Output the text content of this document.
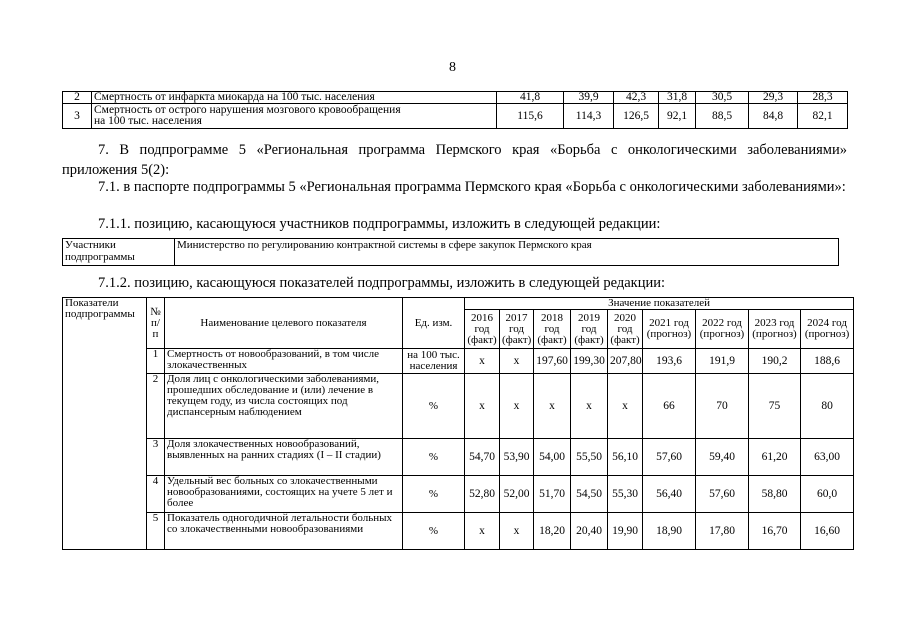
8
2	Смертность от инфаркта миокарда на 100 тыс. населения	41,8	39,9	42,3	31,8	30,5	29,3	28,3
3	Смертность от острого нарушения мозгового кровообращения
на 100 тыс. населения	115,6	114,3	126,5	92,1	88,5	84,8	82,1
7. В подпрограмме 5 «Региональная программа Пермского края «Борьба с онкологическими заболеваниями» приложения 5(2):
7.1. в паспорте подпрограммы 5 «Региональная программа Пермского края «Борьба с онкологическими заболеваниями»:
7.1.1. позицию, касающуюся участников подпрограммы, изложить в следующей редакции:
Участники подпрограммы	Министерство по регулированию контрактной системы в сфере закупок Пермского края
7.1.2. позицию, касающуюся показателей подпрограммы, изложить в следующей редакции:
Показатели подпрограммы	№ п/п	Наименование целевого показателя	Ед. изм.	Значение показателей								
				2016 год (факт)	2017 год (факт)	2018 год (факт)	2019 год (факт)	2020 год (факт)	2021 год (прогноз)	2022 год (прогноз)	2023 год (прогноз)	2024 год (прогноз)
	1	Смертность от новообразований, в том числе злокачественных	на 100 тыс. населения	x	x	197,60	199,30	207,80	193,6	191,9	190,2	188,6
	2	Доля лиц с онкологическими заболеваниями, прошедших обследование и (или) лечение в текущем году, из числа состоящих под диспансерным наблюдением	%	x	x	x	x	x	66	70	75	80
	3	Доля злокачественных новообразований, выявленных на ранних стадиях (I – II стадии)	%	54,70	53,90	54,00	55,50	56,10	57,60	59,40	61,20	63,00
	4	Удельный вес больных со злокачественными новообразованиями, состоящих на учете 5 лет и более	%	52,80	52,00	51,70	54,50	55,30	56,40	57,60	58,80	60,0
	5	Показатель одногодичной летальности больных со злокачественными новообразованиями	%	x	x	18,20	20,40	19,90	18,90	17,80	16,70	16,60
